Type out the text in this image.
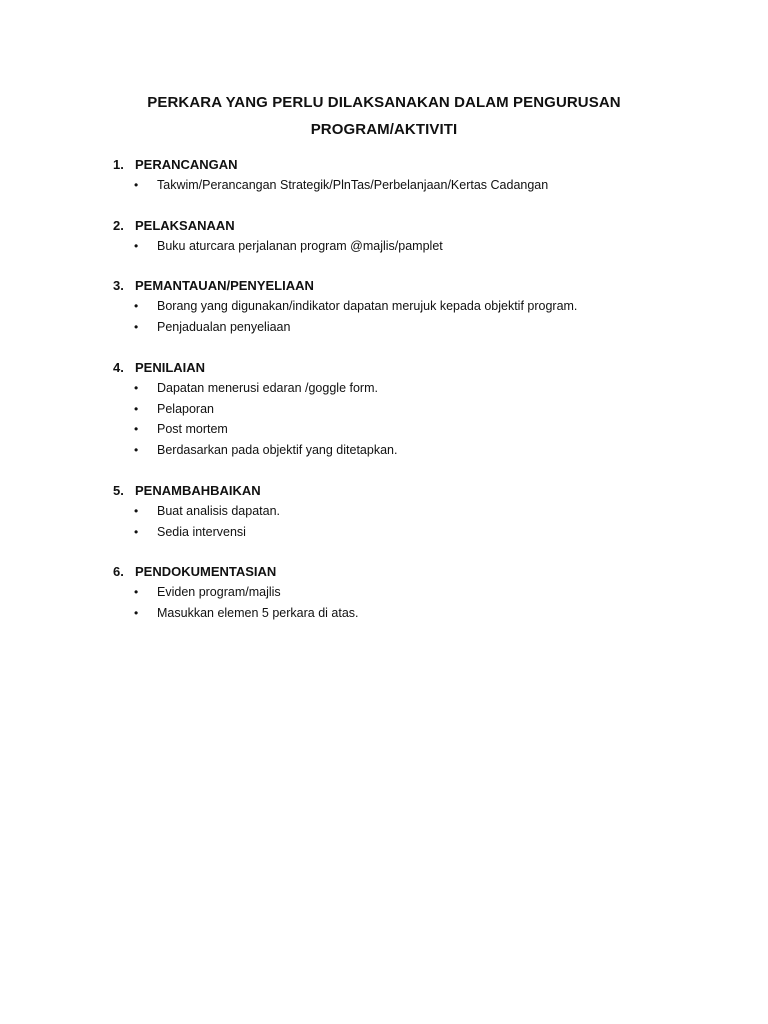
PERKARA YANG PERLU DILAKSANAKAN DALAM PENGURUSAN
PROGRAM/AKTIVITI
1. PERANCANGAN
• Takwim/Perancangan Strategik/PlnTas/Perbelanjaan/Kertas Cadangan
2. PELAKSANAAN
• Buku aturcara perjalanan program @majlis/pamplet
3. PEMANTAUAN/PENYELIAAN
• Borang yang digunakan/indikator dapatan merujuk kepada objektif program.
• Penjadualan penyeliaan
4. PENILAIAN
• Dapatan menerusi edaran /goggle form.
• Pelaporan
• Post mortem
• Berdasarkan pada objektif yang ditetapkan.
5. PENAMBAHBAIKAN
• Buat analisis dapatan.
• Sedia intervensi
6. PENDOKUMENTASIAN
• Eviden program/majlis
• Masukkan elemen 5 perkara di atas.
